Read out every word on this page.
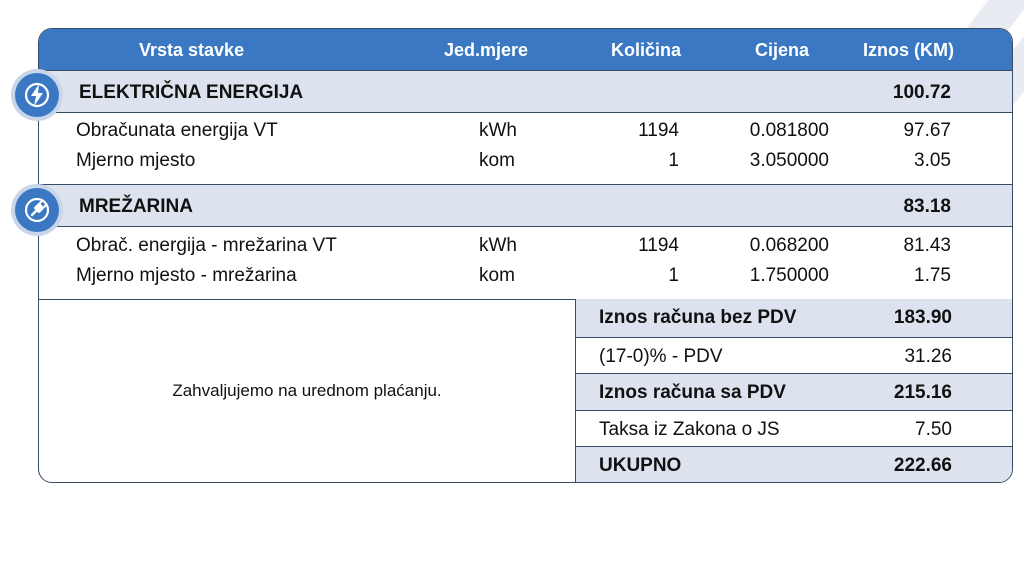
Vrsta stavke	Jed.mjere	Količina	Cijena	Iznos (KM)
ELEKTRIČNA ENERGIJA	100.72
Obračunata energija VT	kWh	1194	0.081800	97.67
Mjerno mjesto	kom	1	3.050000	3.05
MREŽARINA	83.18
Obrač. energija - mrežarina VT	kWh	1194	0.068200	81.43
Mjerno mjesto - mrežarina	kom	1	1.750000	1.75
Zahvaljujemo na urednom plaćanju.
Iznos računa bez PDV	183.90
(17-0)% - PDV	31.26
Iznos računa sa PDV	215.16
Taksa iz Zakona o JS	7.50
UKUPNO	222.66
